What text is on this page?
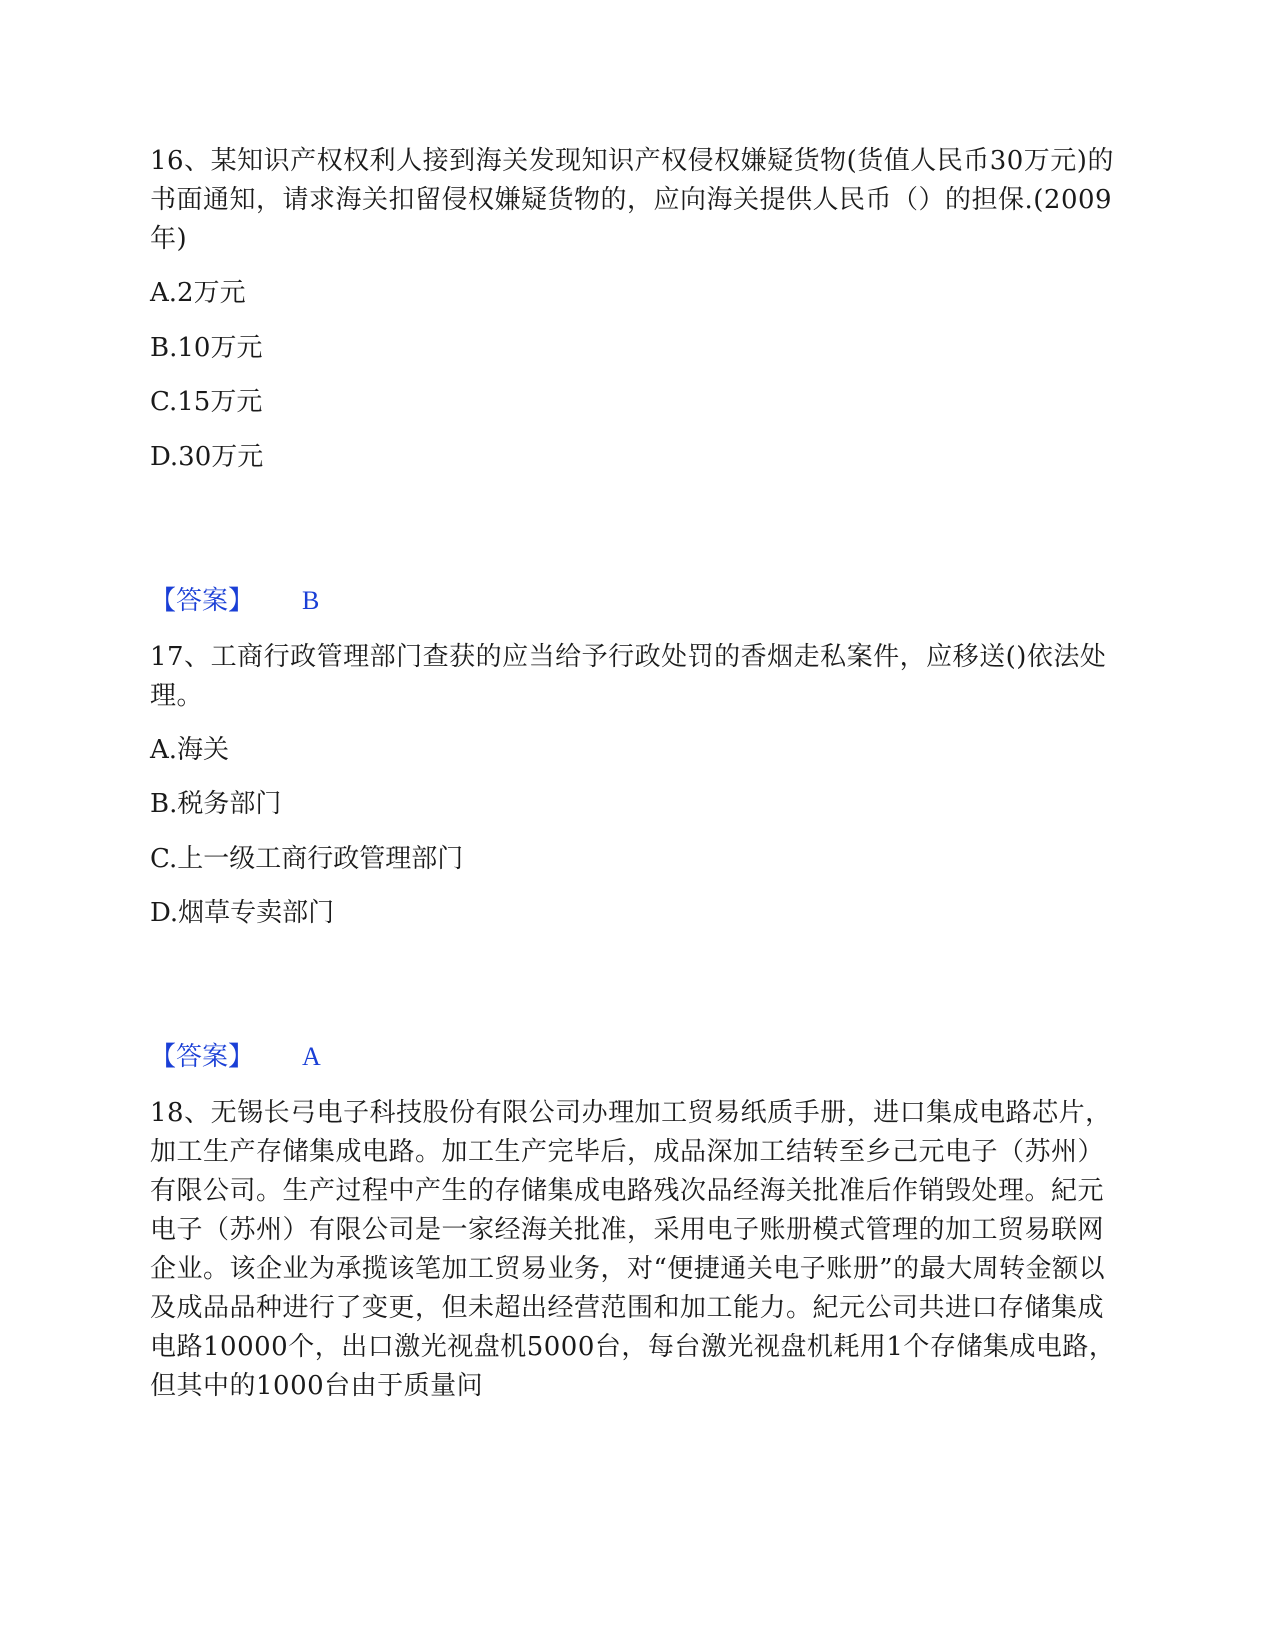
16、某知识产权权利人接到海关发现知识产权侵权嫌疑货物(货值人民币30万元)的书面通知，请求海关扣留侵权嫌疑货物的，应向海关提供人民币（）的担保.(2009年)

A.2万元

B.10万元

C.15万元

D.30万元

【答案】 B

17、工商行政管理部门查获的应当给予行政处罚的香烟走私案件，应移送()依法处理。

A.海关

B.税务部门

C.上一级工商行政管理部门

D.烟草专卖部门

【答案】 A

18、无锡长弓电子科技股份有限公司办理加工贸易纸质手册，进口集成电路芯片，加工生产存储集成电路。加工生产完毕后，成品深加工结转至乡己元电子（苏州）有限公司。生产过程中产生的存储集成电路残次品经海关批准后作销毁处理。紀元电子（苏州）有限公司是一家经海关批准，采用电子账册模式管理的加工贸易联网企业。该企业为承揽该笔加工贸易业务，对“便捷通关电子账册”的最大周转金额以及成品品种进行了变更，但未超出经营范围和加工能力。紀元公司共进口存储集成电路10000个，出口激光视盘机5000台，每台激光视盘机耗用1个存储集成电路，但其中的1000台由于质量问
